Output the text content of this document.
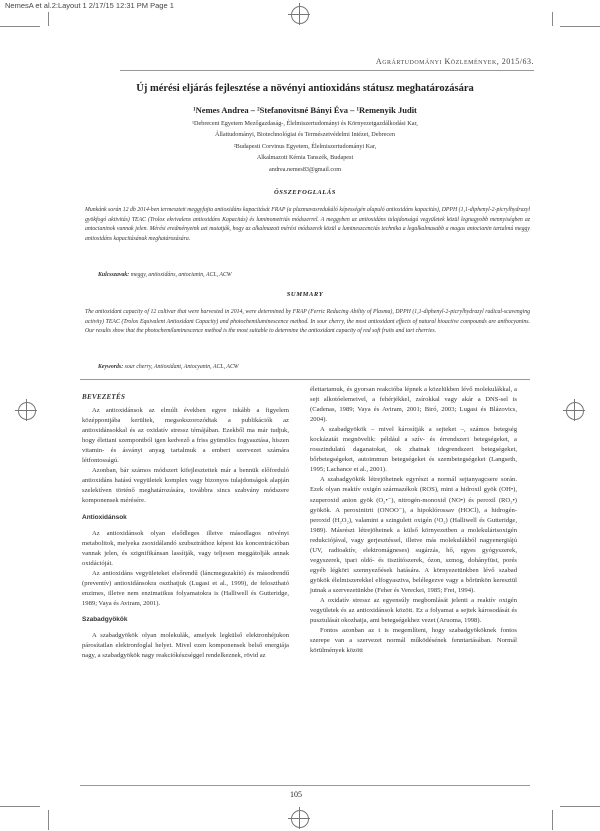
NemesA et al.2:Layout 1 2/17/15 12:31 PM Page 1
Agrártudományi Közlemények, 2015/63.
Új mérési eljárás fejlesztése a növényi antioxidáns státusz meghatározására
¹Nemes Andrea – ²Stefanovitsné Bányi Éva – ¹Remenyik Judit
¹Debreceni Egyetem Mezőgazdaság-, Élelmiszertudományi és Környezetgazdálkodási Kar,
Állattudományi, Biotechnológiai és Természetvédelmi Intézet, Debrecen
²Budapesti Corvinus Egyetem, Élelmiszertudományi Kar,
Alkalmazott Kémia Tanszék, Budapest
andrea.nemes83@gmail.com
ÖSSZEFOGLALÁS
Munkánk során 12 db 2014-ben termesztett meggyfajta antioxidáns kapacitását FRAP (a plazmavasredukáló képességén alapuló antioxidáns kapacitás), DPPH (1,1-diphenyl-2-picrylhydrazyl gyökfogó aktivitás) TEAC (Trolox ekvivalens antioxidáns Kapacitás) és luminometriás módszerrel. A meggyben az antioxidáns tulajdonságú vegyületek közül legnagyobb mennyiségben az antocianinok vannak jelen. Mérési eredményeink azt mutatják, hogy az alkalmazott mérési módszerek közül a lumineszcenciás technika a legalkalmasabb a magas antocianin tartalmú meggy antioxidáns kapacitásának meghatározására.
Kulcsszavak: meggy, antioxidáns, antocianin, ACL, ACW
SUMMARY
The antioxidant capacity of 12 cultivar that were harvested in 2014, were determined by FRAP (Ferric Reducing Ability of Plasma), DPPH (1,1-diphenyl-2-picrylhydrazyl radical-scavenging activity) TEAC (Trolox Equivalent Antioxidant Capacity) and photochemiluminescence method. In sour cherry, the most antioxidant effects of natural bioactive compounds are anthocyanins. Our results show that the photochemiluminescence method is the most suitable to determine the antioxidant capacity of red soft fruits and tart cherries.
Keywords: sour cherry, Antioxidant, Antocyanin, ACL, ACW
BEVEZETÉS

Az antioxidánsok az elmúlt években egyre inkább a figyelem középpontjába kerültek, megsokszorozódtak a publikációk az antioxidánsokkal és az oxidatív stressz témájában. Ezekből ma már tudjuk, hogy élettani szempontból igen kedvező a friss gyümölcs fogyasztása, hiszen vitamin- és ásványi anyag tartalmuk a emberi szervezet számára létfontosságú.

Azonban, bár számos módszert kifejlesztettek már a bennük előforduló antioxidáns hatású vegyületek komplex vagy bizonyos tulajdonságok alapján szelektíven történő meghatározására, továbbra sincs szabvány módszere komponensek mérésére.

Antioxidánsok

Az antioxidánsok olyan elsődleges illetve másodlagos növényi metabolitok, melyeka zsoxidálandó szubsztráthoz képest kis koncentrációban vannak jelen, és szignifikánsan lassítják, vagy teljesen meggátolják annak oxidációját.

Az antioxidáns vegyületeket elsőrendű (láncmegszakító) és másodrendű (preventív) antioxidánsokra oszthatjuk (Lugasi et al., 1999), de felosztható enzimes, illetve nem enzimatikus folyamatokra is (Halliwell és Gutteridge, 1989; Vaya és Aviram, 2001).

Szabadgyökök

A szabadgyökök olyan molekulák, amelyek legkülső elektronhéjukon párosítatlan elektronfoglal helyet. Mivel ezen komponensek belső energiája nagy, a szabadgyökök nagy reakciókészséggel rendelkeznek, rövid az

élettartamuk, és gyorsan reakcióba lépnek a közelükben lévő molekulákkal, a sejt alkotóelemeivel, a fehérjékkel, zsírokkal vagy akár a DNS-sel is (Cadenas, 1989; Vaya és Aviram, 2001; Biró, 2003; Lugasi és Blázovics, 2004).

A szabadgyökök – mivel károsítják a sejteket –, számos betegség kockázatát megnövelik: például a szív- és érrendszeri betegségeket, a rosszindulatú daganatokat, ok zhatnak idegrendszeri betegségeket, bőrbetegségeket, autoimmun betegségeket és szembetegségeket (Langseth, 1995; Lachance et al., 2001).

A szabadgyökök létrejöhetnek egyrészt a normál sejtanyagcsere során. Ezek olyan reaktív oxigén származékok (ROS), mint a hidroxil gyök (OH•), szuperoxid anion gyök (O₂•⁻), nitrogén-monoxid (NO•) és peroxil (RO₂•) gyökök. A peroxinitrit (ONOO⁻), a hipoklórossav (HOCl), a hidrogén-peroxid (H₂O₂), valamint a szingulett oxigén (¹O₂) (Halliwell és Gutteridge, 1989). Másrészt létrejöhetnek a külső környezetben a molekulárisoxigén redukciójával, vagy gerjesztéssel, illetve más molekulákból nagyenergiájú (UV, radioaktív, elektromágneses) sugárzás, hő, egyes gyógyszerek, vegyszerek, ipari oldó- és tisztítószerek, ózon, szmog, dohányfüst, porés egyéb légköri szennyezőések hatására. A környezetünkben lévő szabad gyökök élelmiszerekkel elfogyasztva, belélegezve vagy a bőrünkön keresztül jutnak a szervezetünkbe (Feher és Vereckei, 1985; Frei, 1994).

A oxidatív stressz az egyensúly megbomlását jelenti a reaktív oxigén vegyületek és az antioxidánsok között. Ez a folyamat a sejtek károsodását és pusztulását okozhatja, ami betegségekhez vezet (Aruoma, 1998).

Fontos azonban az t is megemlíteni, hogy szabadgyököknek fontos szerepe van a szervezet normál működésének fenntartásában. Normál körülmények között

105
